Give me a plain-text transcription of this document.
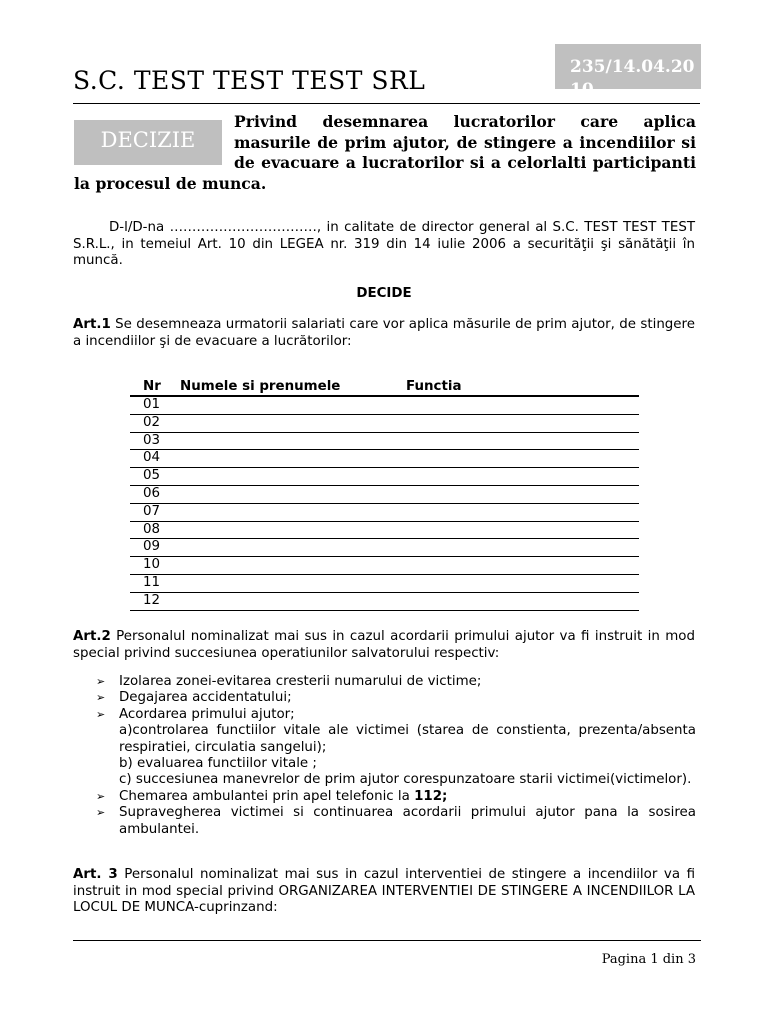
S.C. TEST TEST TEST SRL	235/14.04.2010
DECIZIE
Privind desemnarea lucratorilor care aplica masurile de prim ajutor, de stingere a incendiilor si de evacuare a lucratorilor si a celorlalti participanti la procesul de munca.
D-l/D-na ……………………………, in calitate de director general al S.C. TEST TEST TEST S.R.L., in temeiul Art. 10 din LEGEA nr. 319 din 14 iulie 2006 a securităţii şi sănătăţii în muncă.
DECIDE
Art.1 Se desemneaza urmatorii salariati care vor aplica măsurile de prim ajutor, de stingere a incendiilor şi de evacuare a lucrătorilor:
Nr	Numele si prenumele	Functia
01
02
03
04
05
06
07
08
09
10
11
12
Art.2 Personalul nominalizat mai sus in cazul acordarii primului ajutor va fi instruit in mod special privind succesiunea operatiunilor salvatorului respectiv:
➢ Izolarea zonei-evitarea cresterii numarului de victime;
➢ Degajarea accidentatului;
➢ Acordarea primului ajutor;
a)controlarea functiilor vitale ale victimei (starea de constienta, prezenta/absenta respiratiei, circulatia sangelui);
b) evaluarea functiilor vitale ;
c) succesiunea manevrelor de prim ajutor corespunzatoare starii victimei(victimelor).
➢ Chemarea ambulantei prin apel telefonic la 112;
➢ Supravegherea victimei si continuarea acordarii primului ajutor pana la sosirea ambulantei.
Art. 3 Personalul nominalizat mai sus in cazul interventiei de stingere a incendiilor va fi instruit in mod special privind ORGANIZAREA INTERVENTIEI DE STINGERE A INCENDIILOR LA LOCUL DE MUNCA-cuprinzand:
Pagina 1 din 3
